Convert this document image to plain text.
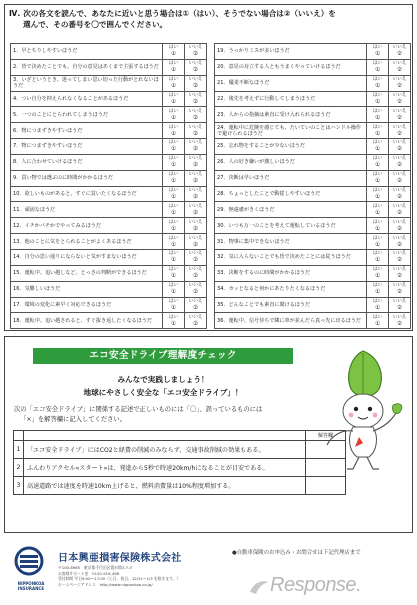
Ⅳ. 次の各文を読んで、あなたに近いと思う場合は①（はい）、そうでない場合は②（いいえ）を
選んで、その番号を〇で囲んでください。
1．早とちりしやすいほうだ
はい
①
いいえ
②
2．皆で決めたことでも、自分の意見はあくまで主張するほうだ
はい
①
いいえ
②
3．いざというとき、迷ってしまい思い切った行動がとれないほうだ
はい
①
いいえ
②
4．つい自分を抑えられなくなることがあるほうだ
はい
①
いいえ
②
5．一つのことにとらわれてしまうほうだ
はい
①
いいえ
②
6．物につまずきやすいほうだ
はい
①
いいえ
②
7．物につまずきやすいほうだ
はい
①
いいえ
②
8．人に合わせていけるほうだ
はい
①
いいえ
②
9．買い物では選ぶのに時間がかかるほうだ
はい
①
いいえ
②
10．欲しいものがあると、すぐに買いたくなるほうだ
はい
①
いいえ
②
11．頑固なほうだ
はい
①
いいえ
②
12．イチかバチかでやってみるほうだ
はい
①
いいえ
②
13．他のことに気をとられることがよくあるほうだ
はい
①
いいえ
②
14．自分の思い通りにならないと気がすまないほうだ
はい
①
いいえ
②
15．運転中、追い越しなど、とっさの判断ができるほうだ
はい
①
いいえ
②
16．気難しいほうだ
はい
①
いいえ
②
17．環境の変化に素早く対応できるほうだ
はい
①
いいえ
②
18．運転中、追い越されると、すぐ抜き返したくなるほうだ
はい
①
いいえ
②
19．うっかりミスが多いほうだ
はい
①
いいえ
②
20．意見の対立する人ともうまくやっていけるほうだ
はい
①
いいえ
②
21．優柔不断なほうだ
はい
①
いいえ
②
22．後先を考えずに行動してしまうほうだ
はい
①
いいえ
②
23．人からの指摘は素直に受け入れられるほうだ
はい
①
いいえ
②
24．運転中に危険を感じても、たいていのことはハンドル操作で避けられるほうだ
はい
①
いいえ
②
25．忘れ物をすることが少ないほうだ
はい
①
いいえ
②
26．人の好き嫌いが激しいほうだ
はい
①
いいえ
②
27．決断は早いほうだ
はい
①
いいえ
②
28．ちょっとしたことで動揺しやすいほうだ
はい
①
いいえ
②
29．無遠慮がきくほうだ
はい
①
いいえ
②
30．いつも万一のことを考えて運転しているほうだ
はい
①
いいえ
②
31．物事に集中できないほうだ
はい
①
いいえ
②
32．気に入らないことでも皆で決めたことには従うほうだ
はい
①
いいえ
②
33．決断をするのに時間がかかるほうだ
はい
①
いいえ
②
34．カッとなると何かにあたりたくなるほうだ
はい
①
いいえ
②
35．どんなことでも素直に聞けるほうだ
はい
①
いいえ
②
36．運転中、信号待ちで隣に車が並んだら真っ先に出るほうだ
はい
①
いいえ
②
エコ安全ドライブ理解度チェック
みんなで実践しましょう！
地球にやさしく安全な「エコ安全ドライブ」！
次の「エコ安全ドライブ」に関係する記述で正しいものには「〇」、誤っているものには
「×」を解答欄に記入してください。
解答欄
1	「エコ安全ドライブ」にはCO2と経費の削減のみならず、交通事故削減の効果もある。
2	ふんわりアクセル«スタート»は、発進から5秒で時速20km/hになることが目安である。
3	高速道路では速度を時速10km上げると、燃料消費量は10%程度増加する。
NIPPONKOA INSURANCE
日本興亜損害保険株式会社
〒100-8965　東京都千代田区霞が関3-7-3
お客様サポート室　0120-919-498
受付時間 平日9:00～17:00（土日、祝日、12/31～1/3 を除きます。）
ホームページアドレス　http://www.nipponkoa.co.jp/
●自動車保険のお申込み・お問合せは下記代理店まで
Response.
